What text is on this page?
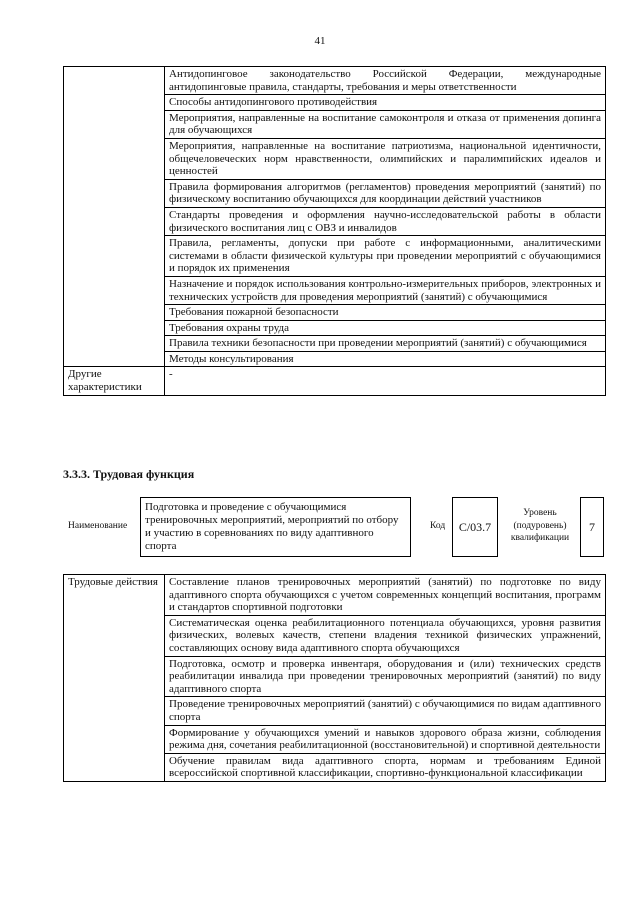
41
	Антидопинговое законодательство Российской Федерации, международные антидопинговые правила, стандарты, требования и меры ответственности
	Способы антидопингового противодействия
	Мероприятия, направленные на воспитание самоконтроля и отказа от применения допинга для обучающихся
	Мероприятия, направленные на воспитание патриотизма, национальной идентичности, общечеловеческих норм нравственности, олимпийских и паралимпийских идеалов и ценностей
	Правила формирования алгоритмов (регламентов) проведения мероприятий (занятий) по физическому воспитанию обучающихся для координации действий участников
	Стандарты проведения и оформления научно-исследовательской работы в области физического воспитания лиц с ОВЗ и инвалидов
	Правила, регламенты, допуски при работе с информационными, аналитическими системами в области физической культуры при проведении мероприятий с обучающимися и порядок их применения
	Назначение и порядок использования контрольно-измерительных приборов, электронных и технических устройств для проведения мероприятий (занятий) с обучающимися
	Требования пожарной безопасности
	Требования охраны труда
	Правила техники безопасности при проведении мероприятий (занятий) с обучающимися
	Методы консультирования
Другие характеристики	-
3.3.3. Трудовая функция
Наименование
Подготовка и проведение с обучающимися тренировочных мероприятий, мероприятий по отбору и участию в соревнованиях по виду адаптивного спорта
Код	С/03.7
Уровень (подуровень) квалификации
7
Трудовые действия	Составление планов тренировочных мероприятий (занятий) по подготовке по виду адаптивного спорта обучающихся с учетом современных концепций воспитания, программ и стандартов спортивной подготовки
Систематическая оценка реабилитационного потенциала обучающихся, уровня развития физических, волевых качеств, степени владения техникой физических упражнений, составляющих основу вида адаптивного спорта обучающихся
Подготовка, осмотр и проверка инвентаря, оборудования и (или) технических средств реабилитации инвалида при проведении тренировочных мероприятий (занятий) по виду адаптивного спорта
Проведение тренировочных мероприятий (занятий) с обучающимися по видам адаптивного спорта
Формирование у обучающихся умений и навыков здорового образа жизни, соблюдения режима дня, сочетания реабилитационной (восстановительной) и спортивной деятельности
Обучение правилам вида адаптивного спорта, нормам и требованиям Единой всероссийской спортивной классификации, спортивно-функциональной классификации
